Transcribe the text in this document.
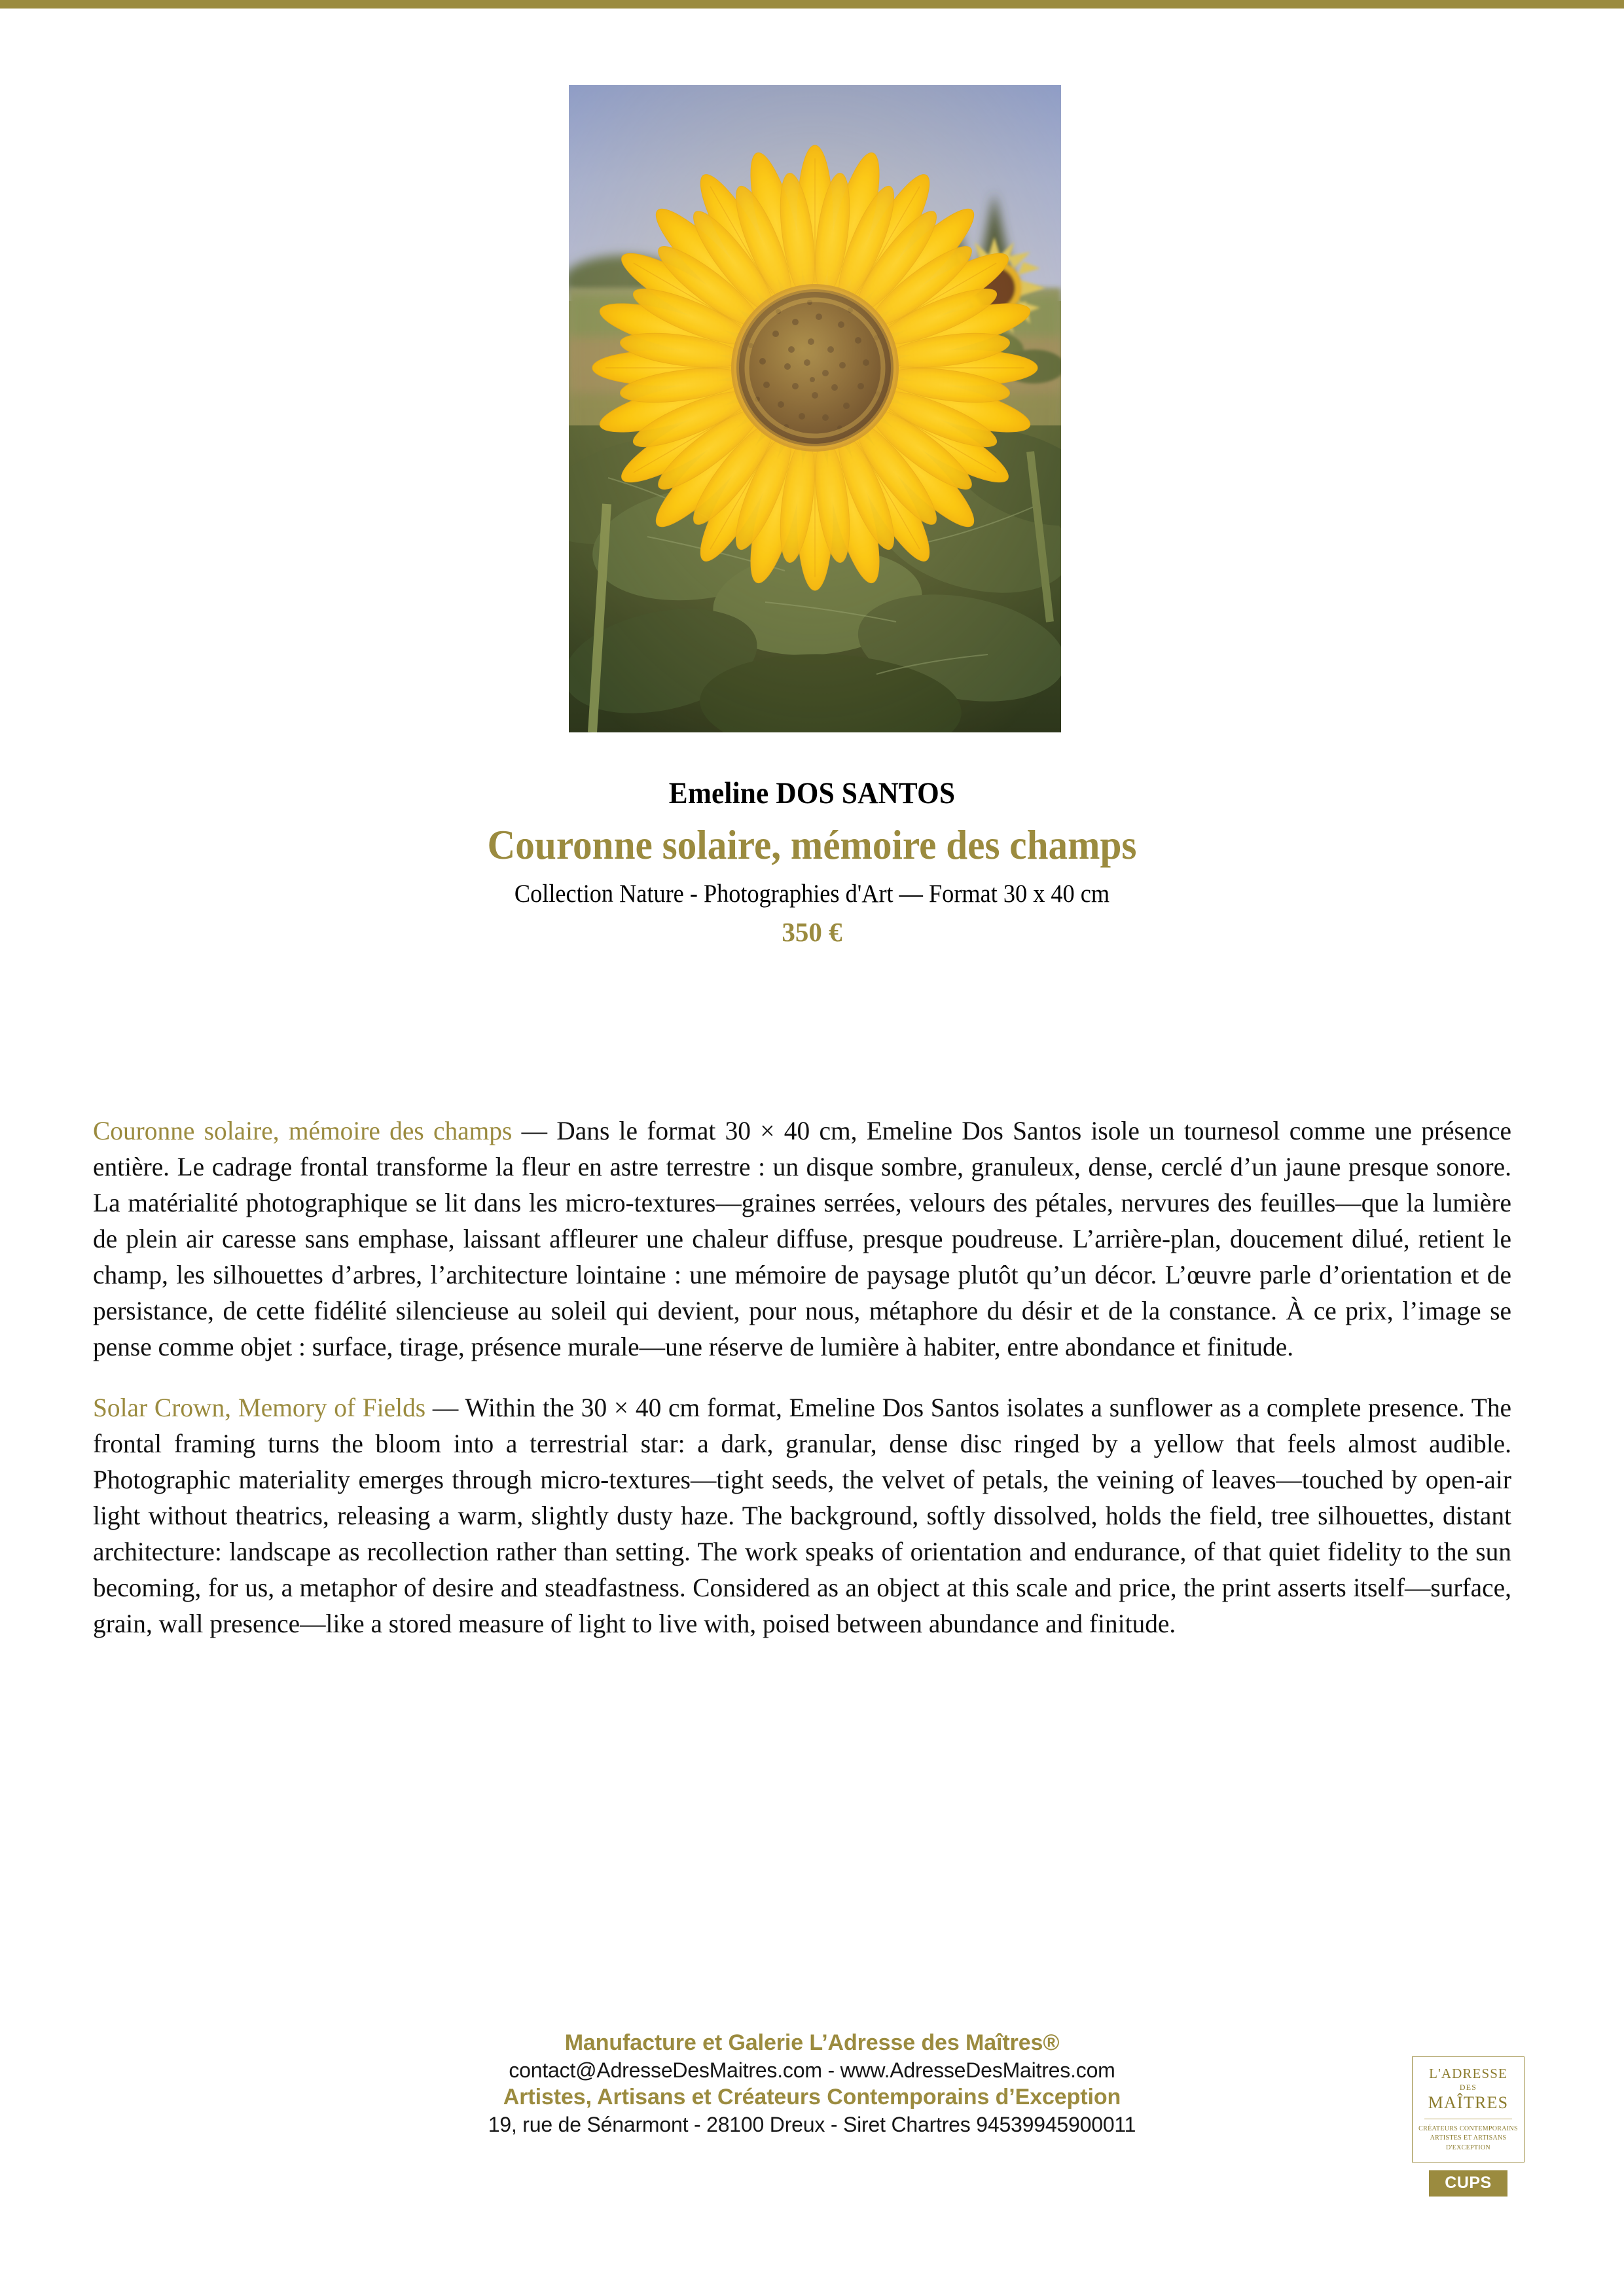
Emeline DOS SANTOS
Couronne solaire, mémoire des champs
Collection Nature - Photographies d'Art — Format 30 x 40 cm
350 €

Couronne solaire, mémoire des champs — Dans le format 30 × 40 cm, Emeline Dos Santos isole un tournesol comme une présence entière. Le cadrage frontal transforme la fleur en astre terrestre : un disque sombre, granuleux, dense, cerclé d’un jaune presque sonore. La matérialité photographique se lit dans les micro-textures—graines serrées, velours des pétales, nervures des feuilles—que la lumière de plein air caresse sans emphase, laissant affleurer une chaleur diffuse, presque poudreuse. L’arrière-plan, doucement dilué, retient le champ, les silhouettes d’arbres, l’architecture lointaine : une mémoire de paysage plutôt qu’un décor. L’œuvre parle d’orientation et de persistance, de cette fidélité silencieuse au soleil qui devient, pour nous, métaphore du désir et de la constance. À ce prix, l’image se pense comme objet : surface, tirage, présence murale—une réserve de lumière à habiter, entre abondance et finitude.

Solar Crown, Memory of Fields — Within the 30 × 40 cm format, Emeline Dos Santos isolates a sunflower as a complete presence. The frontal framing turns the bloom into a terrestrial star: a dark, granular, dense disc ringed by a yellow that feels almost audible. Photographic materiality emerges through micro-textures—tight seeds, the velvet of petals, the veining of leaves—touched by open-air light without theatrics, releasing a warm, slightly dusty haze. The background, softly dissolved, holds the field, tree silhouettes, distant architecture: landscape as recollection rather than setting. The work speaks of orientation and endurance, of that quiet fidelity to the sun becoming, for us, a metaphor of desire and steadfastness. Considered as an object at this scale and price, the print asserts itself—surface, grain, wall presence—like a stored measure of light to live with, poised between abundance and finitude.

Manufacture et Galerie L’Adresse des Maîtres®

contact@AdresseDesMaitres.com - www.AdresseDesMaitres.com

Artistes, Artisans et Créateurs Contemporains d’Exception

19, rue de Sénarmont - 28100 Dreux - Siret Chartres 94539945900011

L'ADRESSE
DES
MAÎTRES
CRÉATEURS CONTEMPORAINS
ARTISTES ET ARTISANS
D'EXCEPTION
CUPS
